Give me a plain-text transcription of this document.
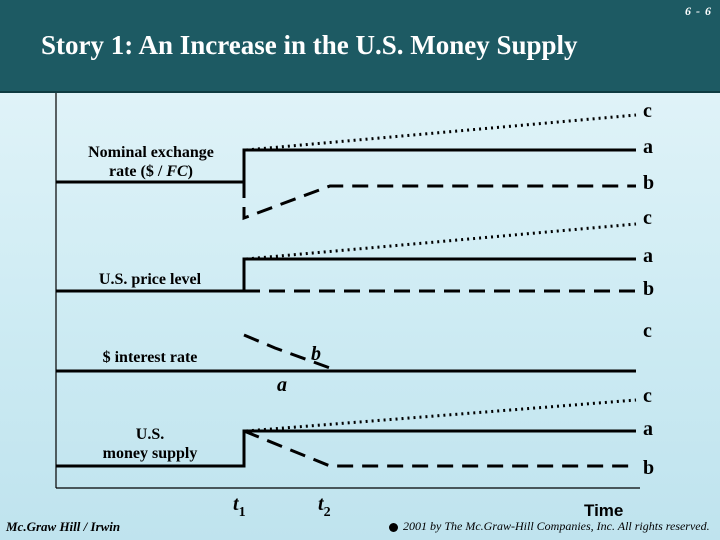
6 - 6
Story 1: An Increase in the U.S. Money Supply
Nominal exchange
rate ($ / FC)
c
a
b
U.S. price level
c
a
b
$ interest rate
c
b
a
U.S.
money supply
c
a
b
$t_1$	$t_2$	Time
Mc.Graw Hill / Irwin	2001 by The Mc.Graw-Hill Companies, Inc. All rights reserved.
